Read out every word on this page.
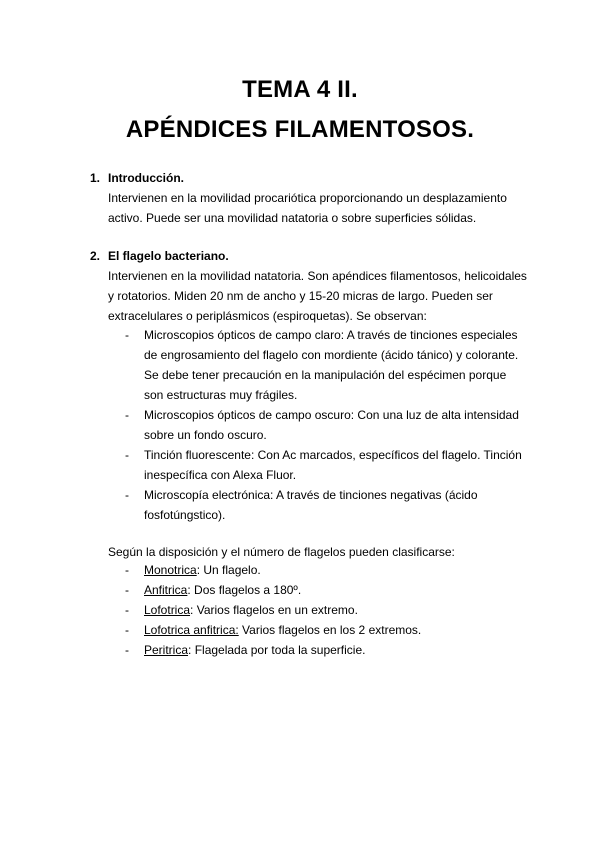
TEMA 4 II.
APÉNDICES FILAMENTOSOS.
1. Introducción.

Intervienen en la movilidad procariótica proporcionando un desplazamiento activo. Puede ser una movilidad natatoria o sobre superficies sólidas.

2. El flagelo bacteriano.

Intervienen en la movilidad natatoria. Son apéndices filamentosos, helicoidales y rotatorios. Miden 20 nm de ancho y 15-20 micras de largo. Pueden ser extracelulares o periplásmicos (espiroquetas). Se observan:

- Microscopios ópticos de campo claro: A través de tinciones especiales de engrosamiento del flagelo con mordiente (ácido tánico) y colorante. Se debe tener precaución en la manipulación del espécimen porque son estructuras muy frágiles.
- Microscopios ópticos de campo oscuro: Con una luz de alta intensidad sobre un fondo oscuro.
- Tinción fluorescente: Con Ac marcados, específicos del flagelo. Tinción inespecífica con Alexa Fluor.
- Microscopía electrónica: A través de tinciones negativas (ácido fosfotúngstico).

Según la disposición y el número de flagelos pueden clasificarse:

- Monotrica: Un flagelo.
- Anfitrica: Dos flagelos a 180º.
- Lofotrica: Varios flagelos en un extremo.
- Lofotrica anfitrica: Varios flagelos en los 2 extremos.
- Peritrica: Flagelada por toda la superficie.
